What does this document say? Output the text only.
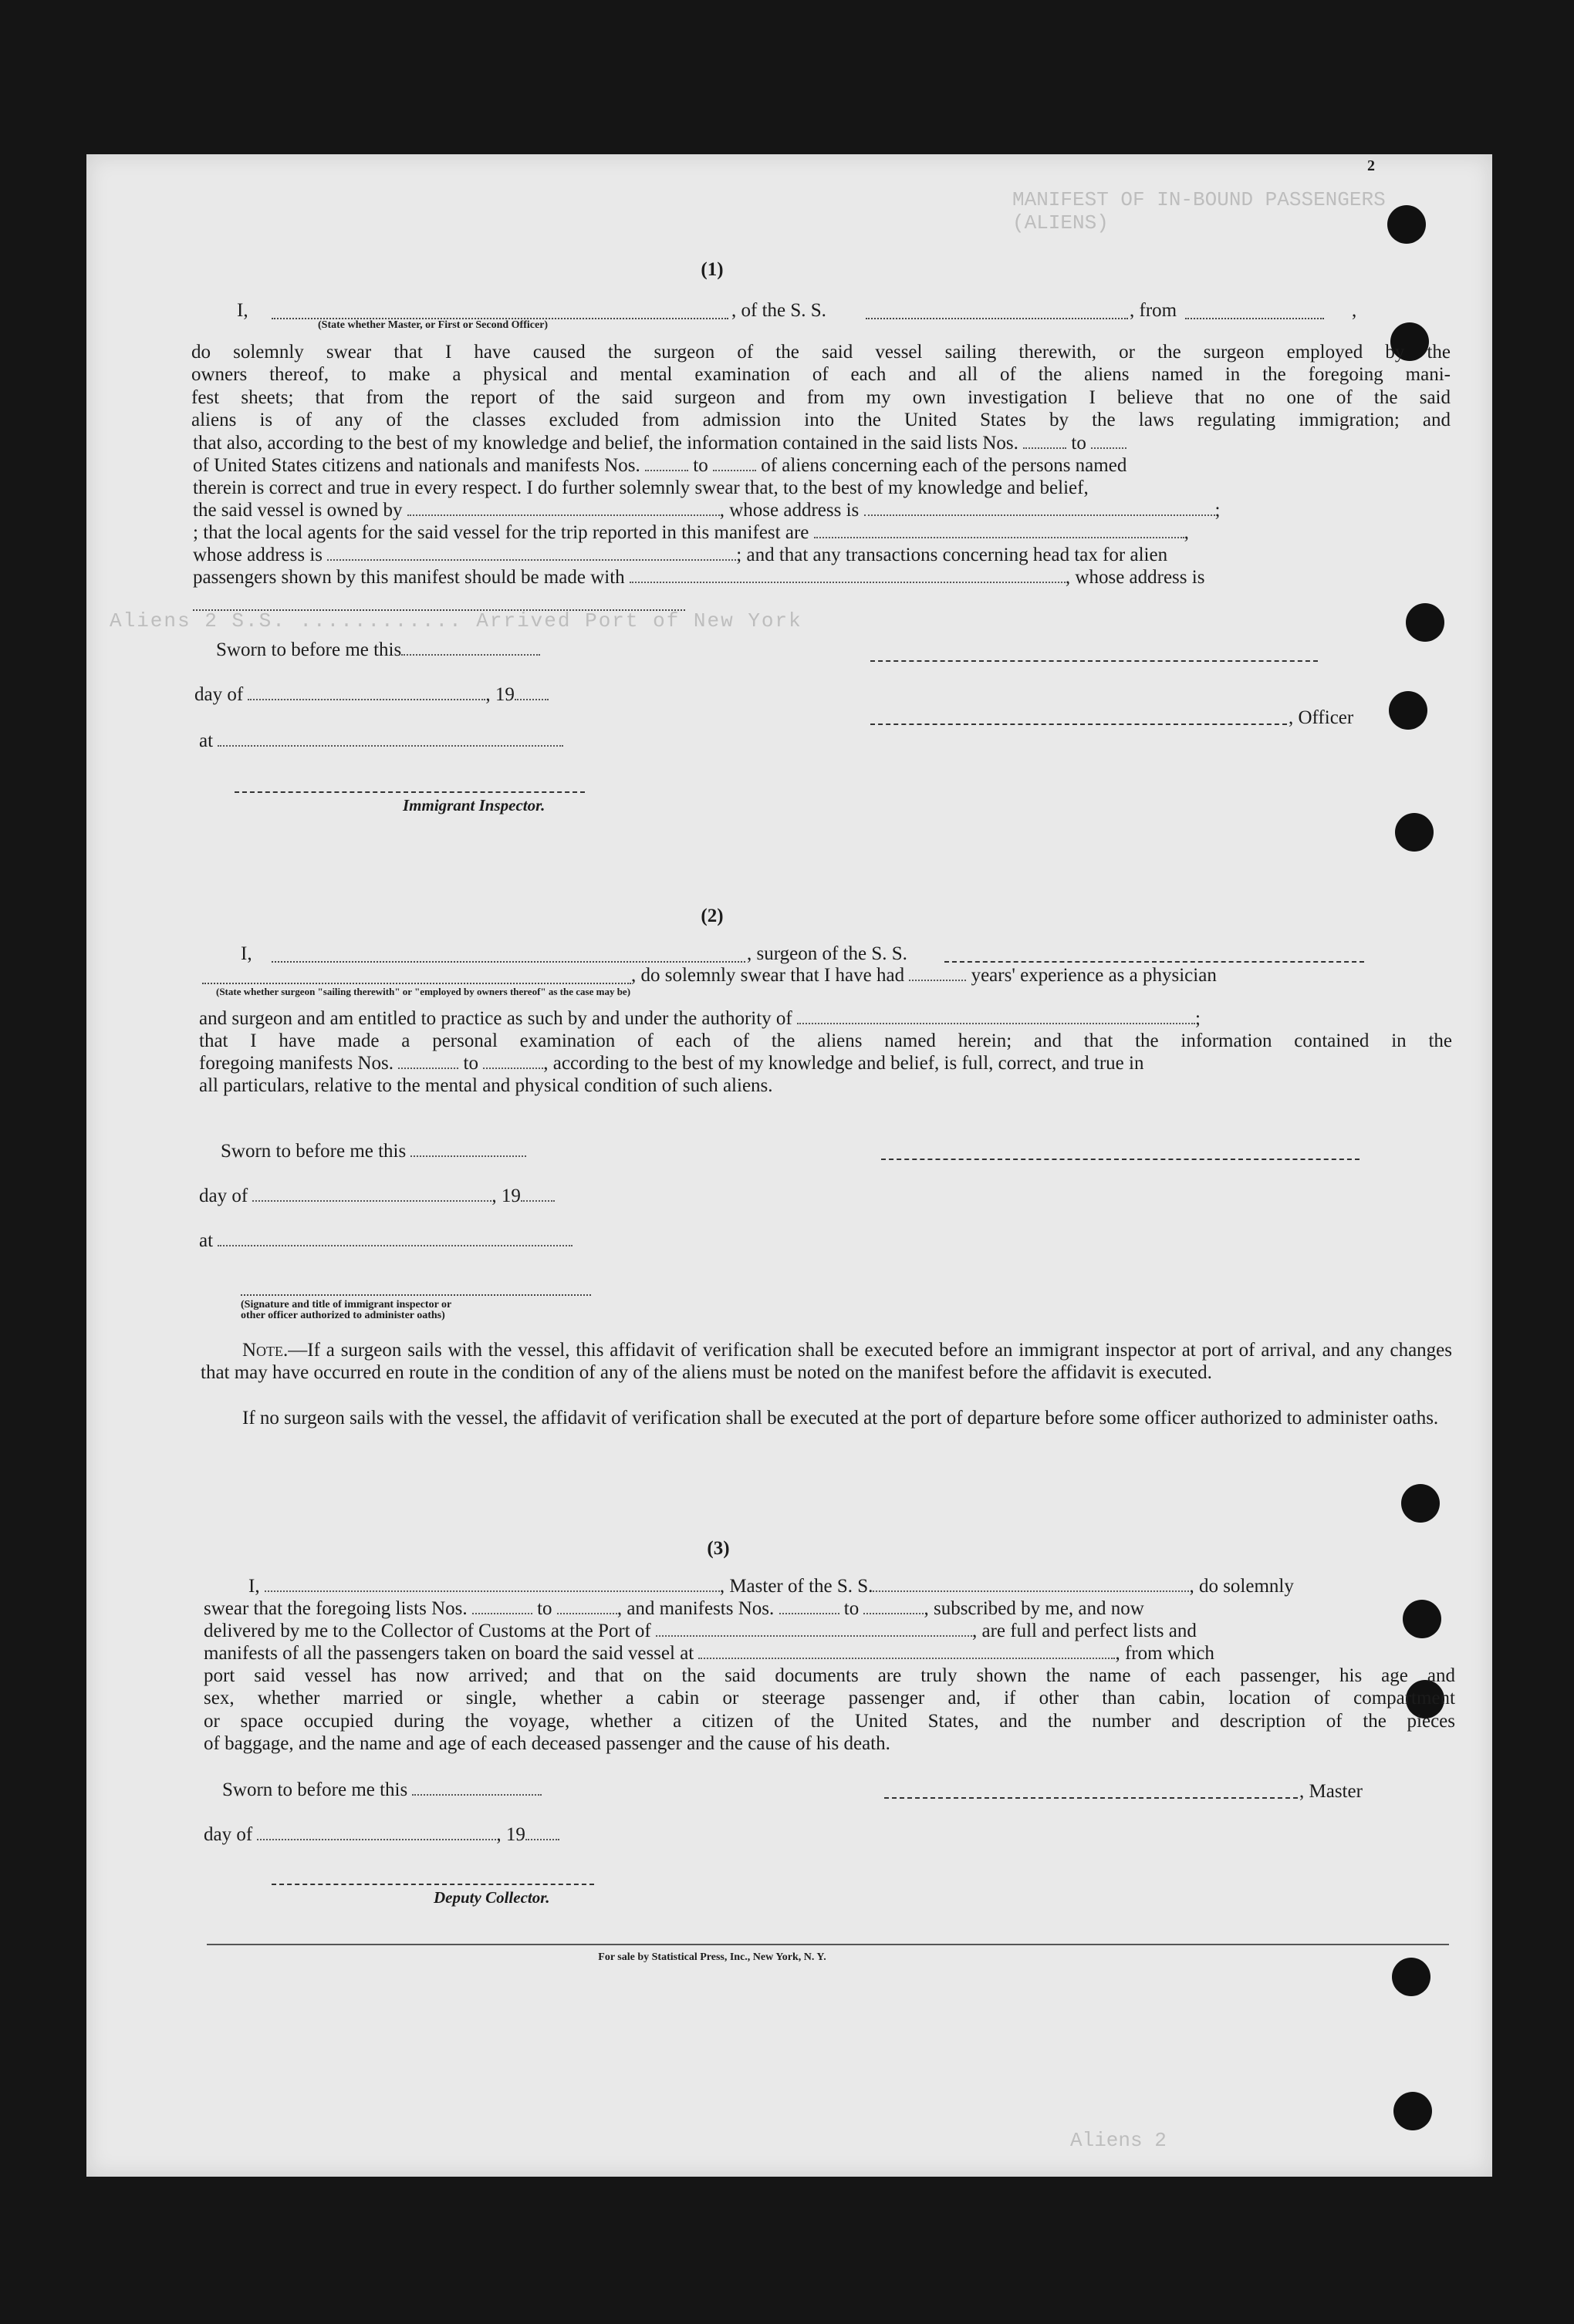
MANIFEST OF IN-BOUND PASSENGERS (ALIENS)
Aliens 2 S.S. ............ Arrived Port of New York
Aliens 2
2
(1)
I,	, of the S. S.	, from	,
(State whether Master, or First or Second Officer)
do solemnly swear that I have caused the surgeon of the said vessel sailing therewith, or the surgeon employed by the
owners thereof, to make a physical and mental examination of each and all of the aliens named in the foregoing mani-
fest sheets; that from the report of the said surgeon and from my own investigation I believe that no one of the said
aliens is of any of the classes excluded from admission into the United States by the laws regulating immigration; and
that also, according to the best of my knowledge and belief, the information contained in the said lists Nos.	to
of United States citizens and nationals and manifests Nos.	to	of aliens concerning each of the persons named
therein is correct and true in every respect. I do further solemnly swear that, to the best of my knowledge and belief,
the said vessel is owned by	, whose address is	;
; that the local agents for the said vessel for the trip reported in this manifest are	,
whose address is	; and that any transactions concerning head tax for alien
passengers shown by this manifest should be made with	, whose address is
Sworn to before me this
day of	, 19
, Officer
at
Immigrant Inspector.
(2)
I,	, surgeon of the S. S.
, do solemnly swear that I have had	years' experience as a physician
(State whether surgeon "sailing therewith" or "employed by owners thereof" as the case may be)
and surgeon and am entitled to practice as such by and under the authority of	;
that I have made a personal examination of each of the aliens named herein; and that the information contained in the
foregoing manifests Nos.	to	, according to the best of my knowledge and belief, is full, correct, and true in
all particulars, relative to the mental and physical condition of such aliens.
Sworn to before me this
day of	, 19
at
(Signature and title of immigrant inspector or
other officer authorized to administer oaths)
Note.—If a surgeon sails with the vessel, this affidavit of verification shall be executed before an immigrant inspector at port of arrival, and any changes that may have occurred en route in the condition of any of the aliens must be noted on the manifest before the affidavit is executed.
If no surgeon sails with the vessel, the affidavit of verification shall be executed at the port of departure before some officer authorized to administer oaths.
(3)
I,	, Master of the S. S.	, do solemnly
swear that the foregoing lists Nos.	to	, and manifests Nos.	to	, subscribed by me, and now
delivered by me to the Collector of Customs at the Port of	, are full and perfect lists and
manifests of all the passengers taken on board the said vessel at	, from which
port said vessel has now arrived; and that on the said documents are truly shown the name of each passenger, his age and
sex, whether married or single, whether a cabin or steerage passenger and, if other than cabin, location of compartment
or space occupied during the voyage, whether a citizen of the United States, and the number and description of the pieces
of baggage, and the name and age of each deceased passenger and the cause of his death.
Sworn to before me this	, Master
day of	, 19
Deputy Collector.
For sale by Statistical Press, Inc., New York, N. Y.
